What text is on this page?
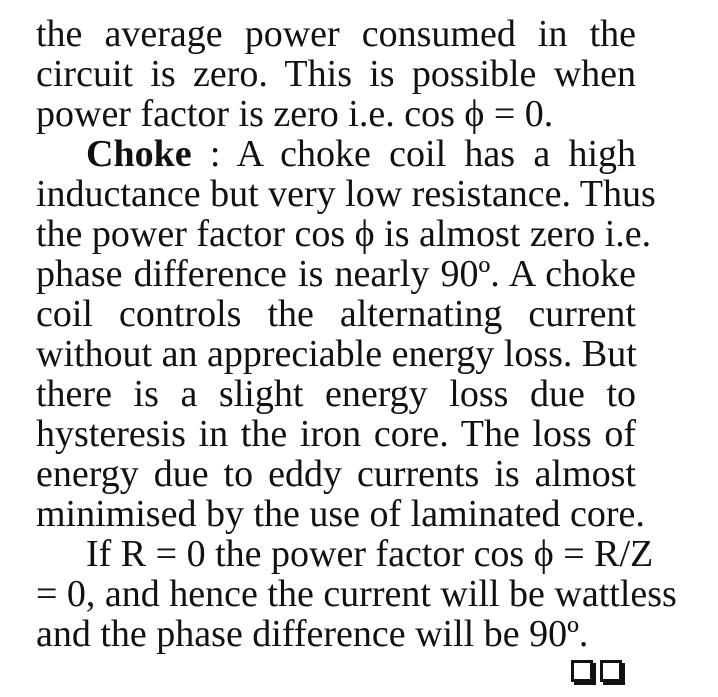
the average power consumed in the
circuit is zero. This is possible when
power factor is zero i.e. cos ϕ = 0.
Choke : A choke coil has a high
inductance but very low resistance. Thus
the power factor cos ϕ is almost zero i.e.
phase difference is nearly 90º. A choke
coil controls the alternating current
without an appreciable energy loss. But
there is a slight energy loss due to
hysteresis in the iron core. The loss of
energy due to eddy currents is almost
minimised by the use of laminated core.
If R = 0 the power factor cos ϕ = R/Z
= 0, and hence the current will be wattless
and the phase difference will be 90º.
